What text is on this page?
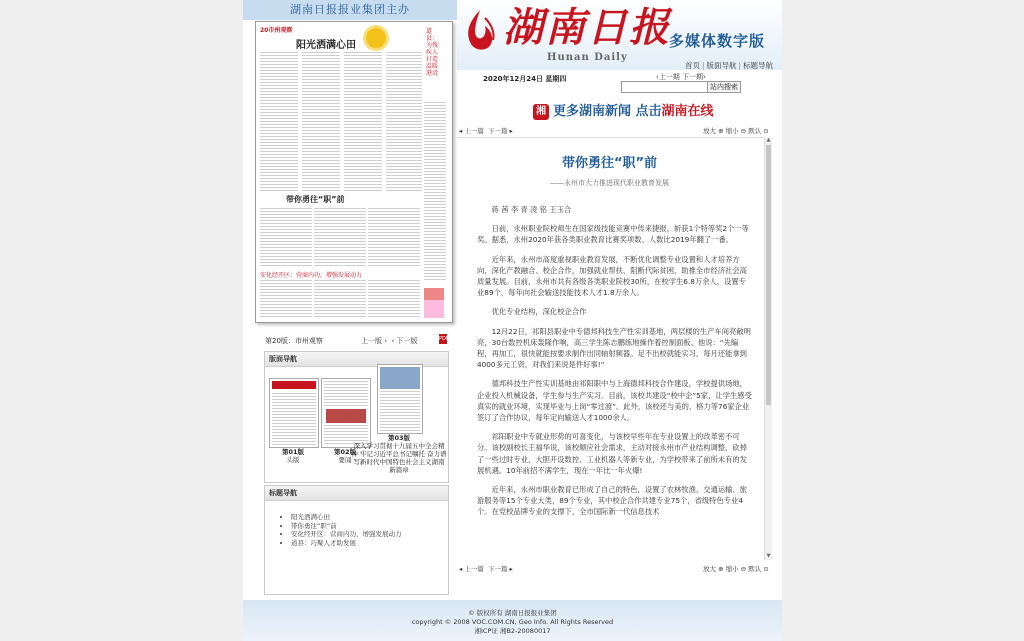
湖南日报报业集团主办	湖南日报
Hunan Daily
多媒体数字版
首页 | 版面导航 | 标题导航
2020年12月24日 星期四	‹上一期 下一期›
站内搜索
湘 更多湖南新闻 点击湖南在线
20市州观察
阳光洒满心田
道县：为残疾人打造温暖港湾
带你勇往“职”前
安化经开区：营商内功，增强发展动力
第20版：市州观察	上一版 ›  ‹ 下一版	PDF
版面导航
第01版
头版
第02版
要闻
第03版
深入学习贯彻十九届五中全会精神 牢记习近平总书记嘱托 奋力谱写新时代中国特色社会主义湖南新篇章
标题导航
• 阳光洒满心田
• 带你勇往“职”前
• 安化经开区：营商内功，增强发展动力
• 道县：巧聚人才助发展
◂ 上一篇 下一篇 ▸	放大 ⊕ 缩小 ⊖ 默认 ⊙
带你勇往“职”前
——永州市大力推进现代职业教育发展

蒋 茜 李 青 凌 铭 王玉合

日前，永州职业院校师生在国家级技能竞赛中传来捷报，斩获1个特等奖2个一等奖。据悉，永州2020年获各类职业教育比赛奖项数、人数比2019年翻了一番。

近年来，永州市高度重视职业教育发展，不断优化调整专业设置和人才培养方向，深化产教融合、校企合作，加强就业帮扶、阻断代际贫困，助推全市经济社会高质量发展。目前，永州市共有各级各类职业院校30所，在校学生6.8万余人，设置专业89个，每年向社会输送技能技术人才1.8万余人。

优化专业结构，深化校企合作

12月22日，祁阳县职业中专德邦科技生产性实训基地，两层楼的生产车间亮敞明亮，30台数控机床轰隆作响，高三学生陈志鹏练地操作着控制面板。他说：“先编程，再加工，很快就能按要求制作出同轴射频器。足不出校就能实习，每月还能拿到4000多元工资，对我们来说是件好事!”

德邦科技生产性实训基地由祁阳职中与上海德邦科技合作建设，学校提供场地，企业投入机械设备，学生参与生产实习。目前，该校共建设“校中企”5家，让学生感受真实的就业环境，实现毕业与上岗“零过渡”。此外，该校还与美的、格力等76家企业签订了合作协议，每年定向输送人才1000余人。

祁阳职业中专就业形势的可喜变化，与该校早些年在专业设置上的改革密不可分。该校副校长王福华说，该校顺应社会需求，主动对接永州市产业结构调整，砍掉了一些过时专业，大胆开设数控、工业机器人等新专业，为学校带来了前所未有的发展机遇。10年前招不满学生，现在一年比一年火爆!

近年来，永州市职业教育已形成了自己的特色，设置了农林牧渔、交通运输、旅游服务等15个专业大类，89个专业，其中校企合作共建专业75个，省级特色专业4个。在党校品牌专业的支撑下，全市国际新一代信息技术

▲
▼
◂ 上一篇 下一篇 ▸	放大 ⊕ 缩小 ⊖ 默认 ⊙
© 版权所有 湖南日报报业集团
copyright © 2008 VOC.COM.CN, Geo Info. All Rights Reserved
湘ICP证 湘B2-20080017
